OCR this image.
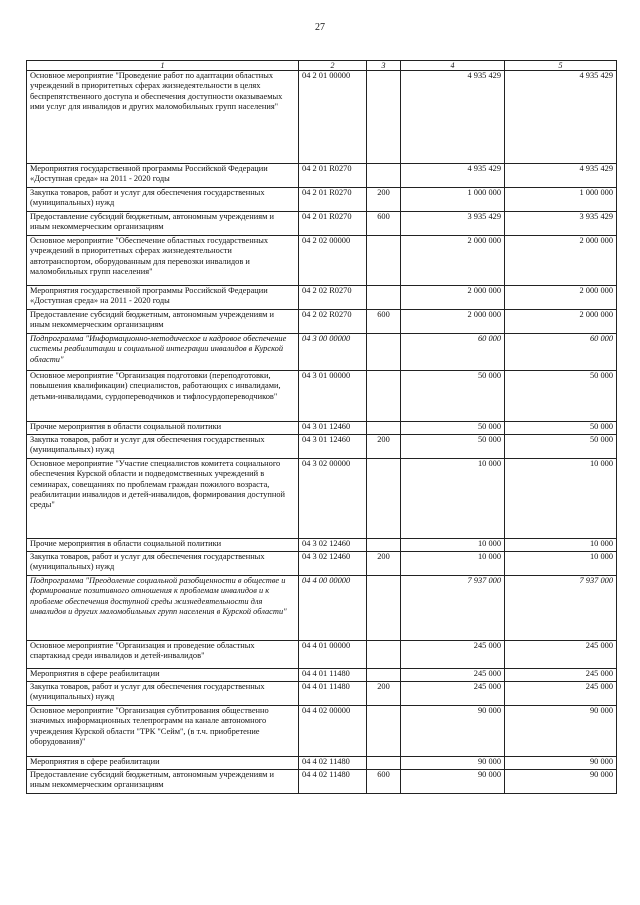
27
1	2	3	4	5
Основное мероприятие "Проведение работ по адаптации областных учреждений в приоритетных сферах жизнедеятельности в целях беспрепятственного доступа и обеспечения доступности оказываемых ими услуг для инвалидов и других маломобильных групп населения"	04 2 01 00000		4 935 429	4 935 429
Мероприятия государственной программы Российской Федерации «Доступная среда» на 2011 - 2020 годы	04 2 01 R0270		4 935 429	4 935 429
Закупка товаров, работ и услуг для обеспечения государственных (муниципальных) нужд	04 2 01 R0270	200	1 000 000	1 000 000
Предоставление субсидий бюджетным, автономным учреждениям и иным некоммерческим организациям	04 2 01 R0270	600	3 935 429	3 935 429
Основное мероприятие "Обеспечение областных государственных учреждений в приоритетных сферах жизнедеятельности автотранспортом, оборудованным для перевозки инвалидов и маломобильных групп населения"	04 2 02 00000		2 000 000	2 000 000
Мероприятия государственной программы Российской Федерации «Доступная среда» на 2011 - 2020 годы	04 2 02 R0270		2 000 000	2 000 000
Предоставление субсидий бюджетным, автономным учреждениям и иным некоммерческим организациям	04 2 02 R0270	600	2 000 000	2 000 000
Подпрограмма "Информационно-методическое и кадровое обеспечение системы реабилитации и социальной интеграции инвалидов в Курской области"	04 3 00 00000		60 000	60 000
Основное мероприятие "Организация подготовки (переподготовки, повышения квалификации) специалистов, работающих с инвалидами, детьми-инвалидами, сурдопереводчиков и тифлосурдопереводчиков"	04 3 01 00000		50 000	50 000
Прочие мероприятия в области социальной политики	04 3 01 12460		50 000	50 000
Закупка товаров, работ и услуг для обеспечения государственных (муниципальных) нужд	04 3 01 12460	200	50 000	50 000
Основное мероприятие "Участие специалистов комитета социального обеспечения Курской области и подведомственных учреждений в семинарах, совещаниях по проблемам граждан пожилого возраста, реабилитации инвалидов и детей-инвалидов, формирования доступной среды"	04 3 02 00000		10 000	10 000
Прочие мероприятия в области социальной политики	04 3 02 12460		10 000	10 000
Закупка товаров, работ и услуг для обеспечения государственных (муниципальных) нужд	04 3 02 12460	200	10 000	10 000
Подпрограмма "Преодоление социальной разобщенности в обществе и формирование позитивного отношения к проблемам инвалидов и к проблеме обеспечения доступной среды жизнедеятельности для инвалидов и других маломобильных групп населения в Курской области"	04 4 00 00000		7 937 000	7 937 000
Основное мероприятие "Организация и проведение областных спартакиад среди инвалидов и детей-инвалидов"	04 4 01 00000		245 000	245 000
Мероприятия в сфере реабилитации	04 4 01 11480		245 000	245 000
Закупка товаров, работ и услуг для обеспечения государственных (муниципальных) нужд	04 4 01 11480	200	245 000	245 000
Основное мероприятие "Организация субтитрования общественно значимых информационных телепрограмм на канале автономного учреждения Курской области "ТРК "Сейм", (в т.ч. приобретение оборудования)"	04 4 02 00000		90 000	90 000
Мероприятия в сфере реабилитации	04 4 02 11480		90 000	90 000
Предоставление субсидий бюджетным, автономным учреждениям и иным некоммерческим организациям	04 4 02 11480	600	90 000	90 000
